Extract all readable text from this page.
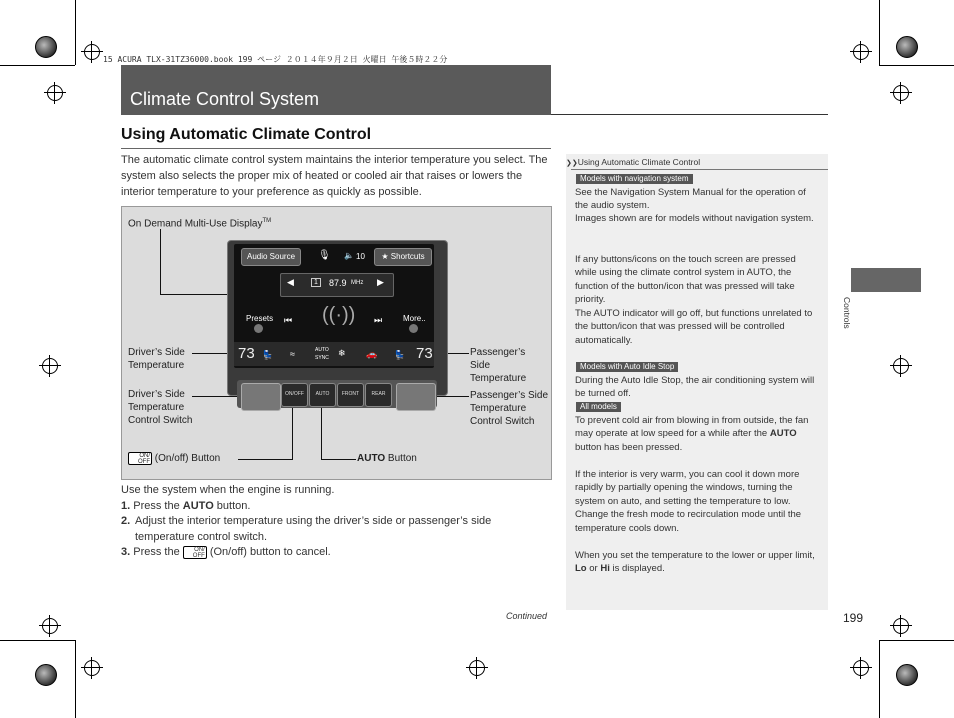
15 ACURA TLX-31TZ36000.book 199 ページ ２０１４年９月２日 火曜日 午後５時２２分
Climate Control System
Using Automatic Climate Control
The automatic climate control system maintains the interior temperature you select. The system also selects the proper mix of heated or cooled air that raises or lowers the interior temperature to your preference as quickly as possible.
On Demand Multi-Use Display™
Driver’s Side Temperature
Passenger’s Side Temperature
Driver’s Side Temperature Control Switch
Passenger’s Side Temperature Control Switch
ON/ OFF (On/off) Button	AUTO Button
Audio Source	🎙 🔈 10	★ Shortcuts
◀	1	87.9 MHz ▶
Presets ⏮ ((·)) ⏭	More..
73 💺 ≈	AUTO
SYNC ❄ 🚗 💺 73
ON/OFF	AUTO	FRONT	REAR
Use the system when the engine is running.
1. Press the AUTO button.
2. Adjust the interior temperature using the driver’s side or passenger’s side temperature control switch.
3. Press the ON/ OFF (On/off) button to cancel.
❯❯Using Automatic Climate Control
Models with navigation system
See the Navigation System Manual for the operation of the audio system.
Images shown are for models without navigation system.
If any buttons/icons on the touch screen are pressed while using the climate control system in AUTO, the function of the button/icon that was pressed will take priority.
The AUTO indicator will go off, but functions unrelated to the button/icon that was pressed will be controlled automatically.
Models with Auto Idle Stop
During the Auto Idle Stop, the air conditioning system will be turned off.
All models
To prevent cold air from blowing in from outside, the fan may operate at low speed for a while after the AUTO button has been pressed.
If the interior is very warm, you can cool it down more rapidly by partially opening the windows, turning the system on auto, and setting the temperature to low. Change the fresh mode to recirculation mode until the temperature cools down.
When you set the temperature to the lower or upper limit, Lo or Hi is displayed.
Controls
Continued	199
